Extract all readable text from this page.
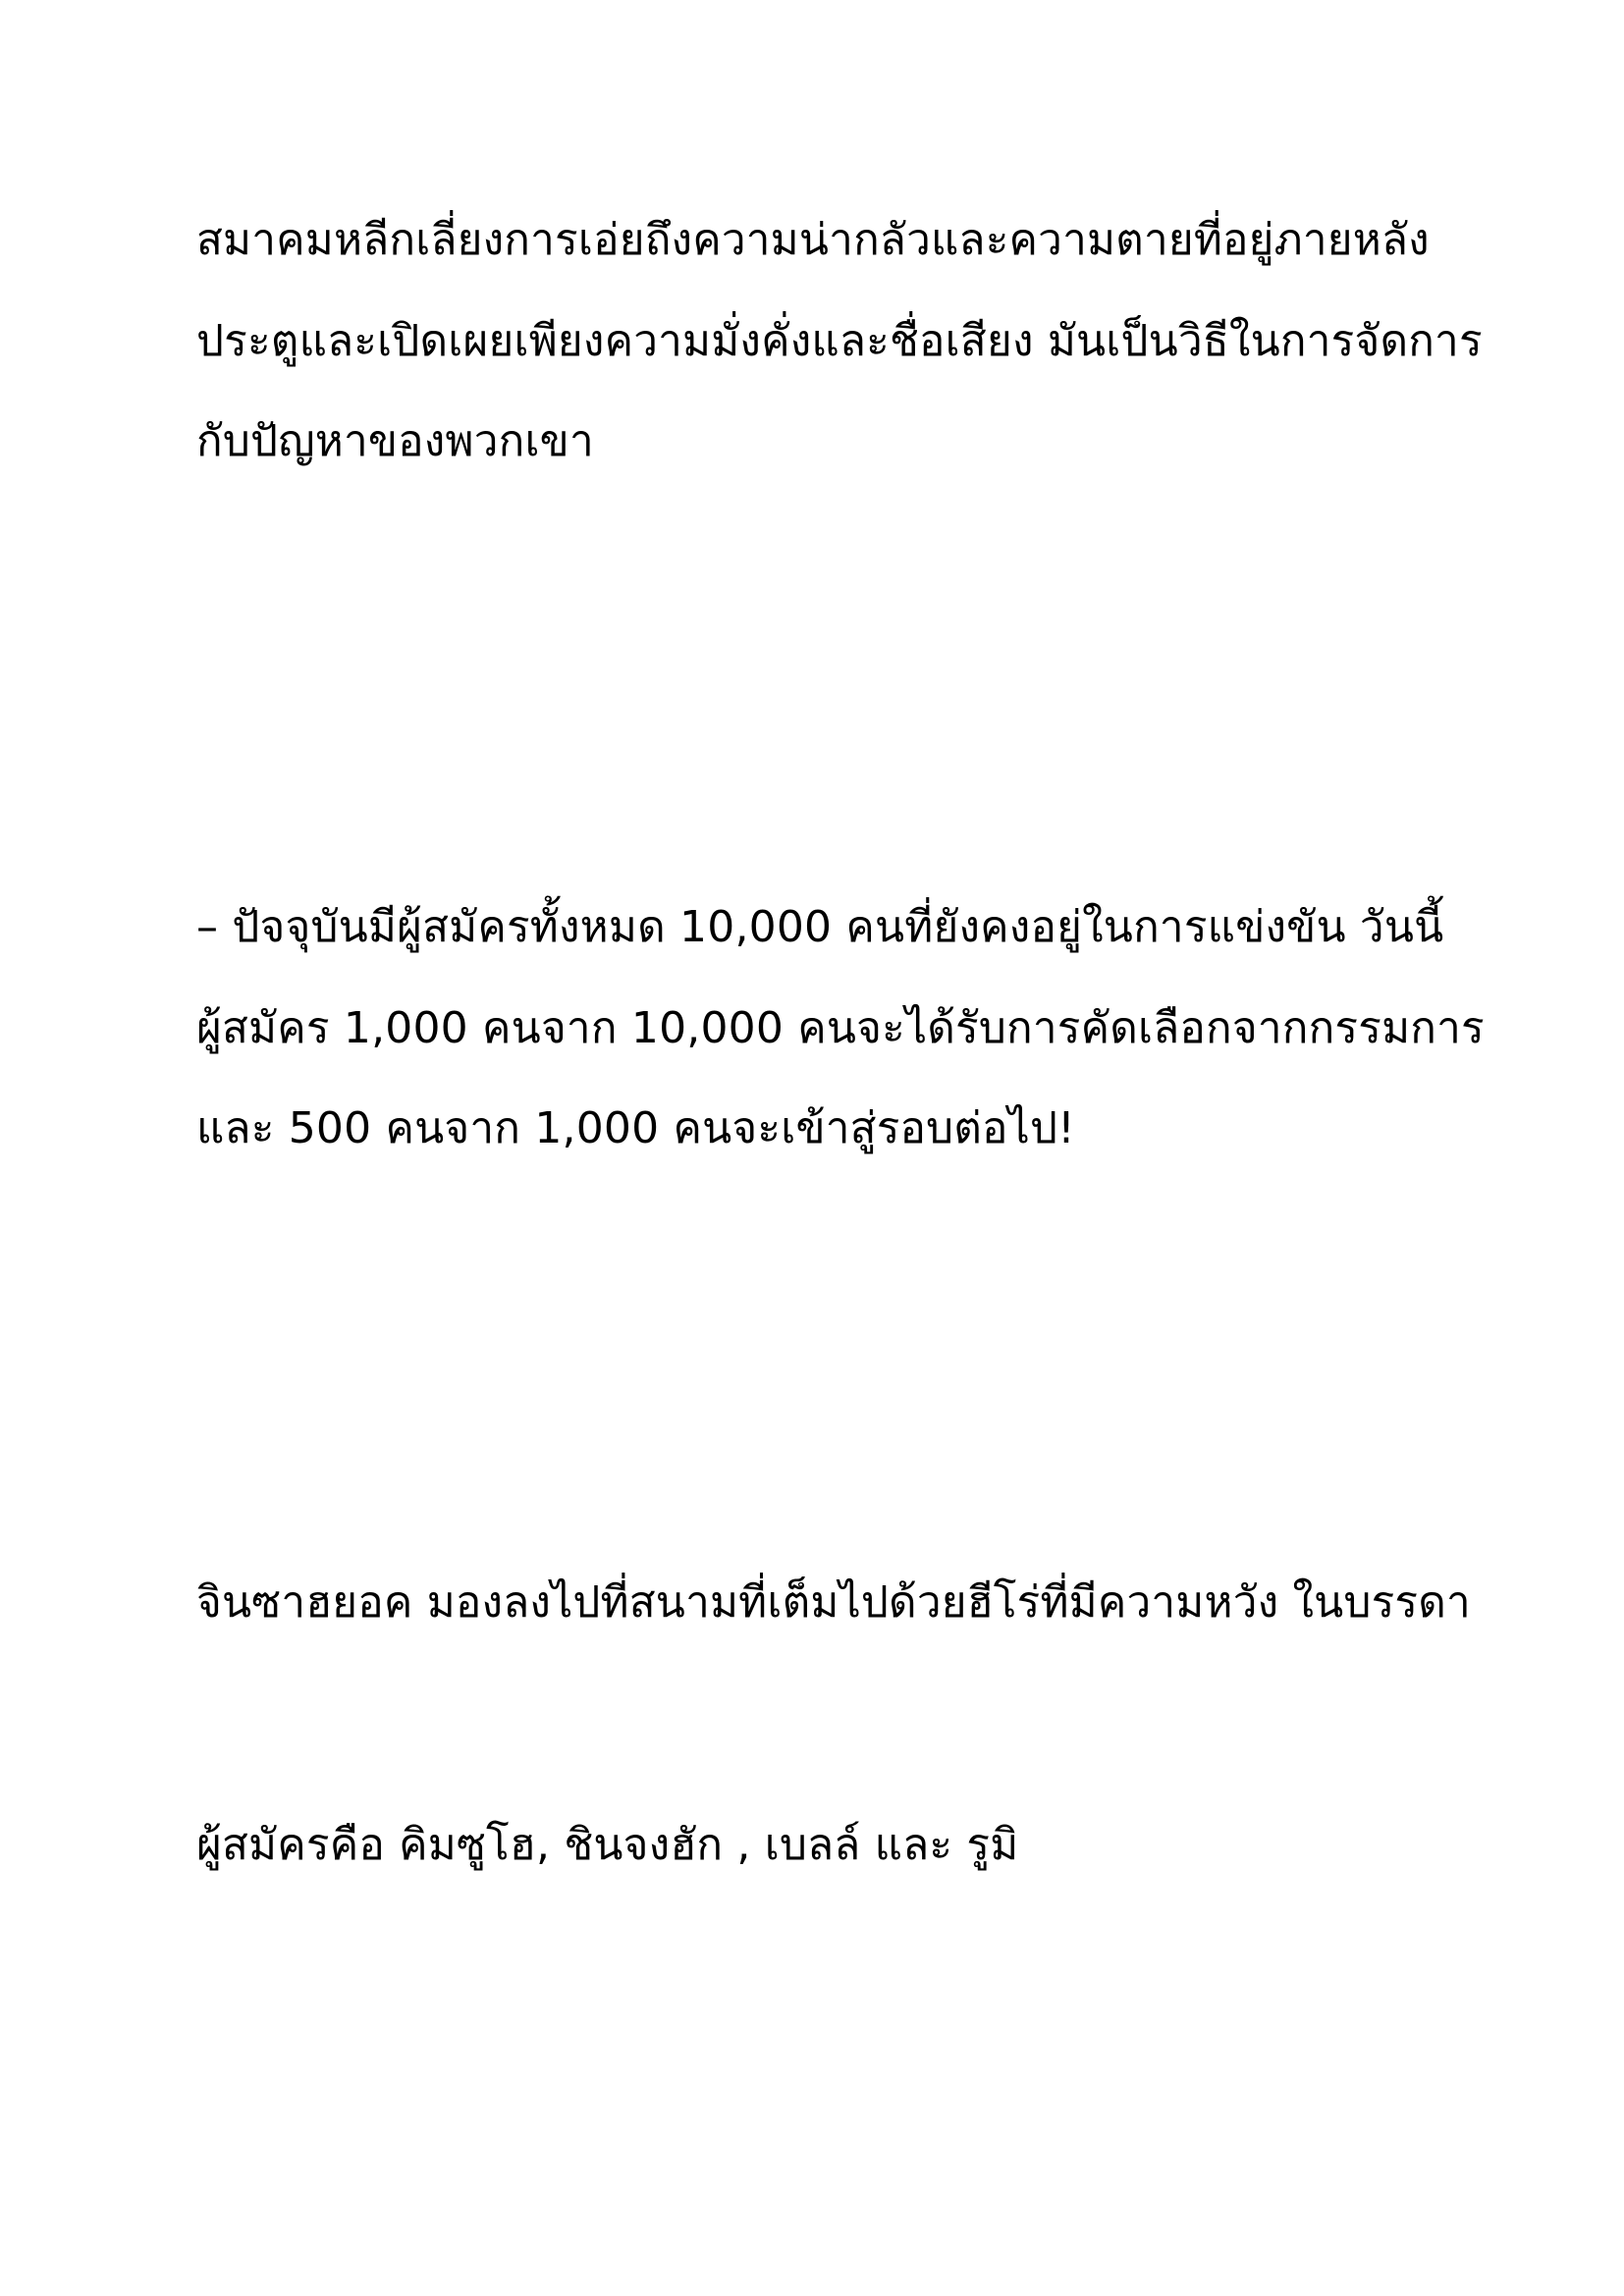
สมาคมหลีกเลี่ยงการเอ่ยถึงความน่ากลัวและความตายที่อยู่ภายหลัง

ประตูและเปิดเผยเพียงความมั่งคั่งและชื่อเสียง มันเป็นวิธีในการจัดการ

กับปัญหาของพวกเขา

– ปัจจุบันมีผู้สมัครทั้งหมด 10,000 คนที่ยังคงอยู่ในการแข่งขัน วันนี้

ผู้สมัคร 1,000 คนจาก 10,000 คนจะได้รับการคัดเลือกจากกรรมการ

และ 500 คนจาก 1,000 คนจะเข้าสู่รอบต่อไป!

จินซาฮยอค มองลงไปที่สนามที่เต็มไปด้วยฮีโร่ที่มีความหวัง ในบรรดา

ผู้สมัครคือ คิมซูโฮ, ชินจงฮัก , เบลล์ และ รูมิ
